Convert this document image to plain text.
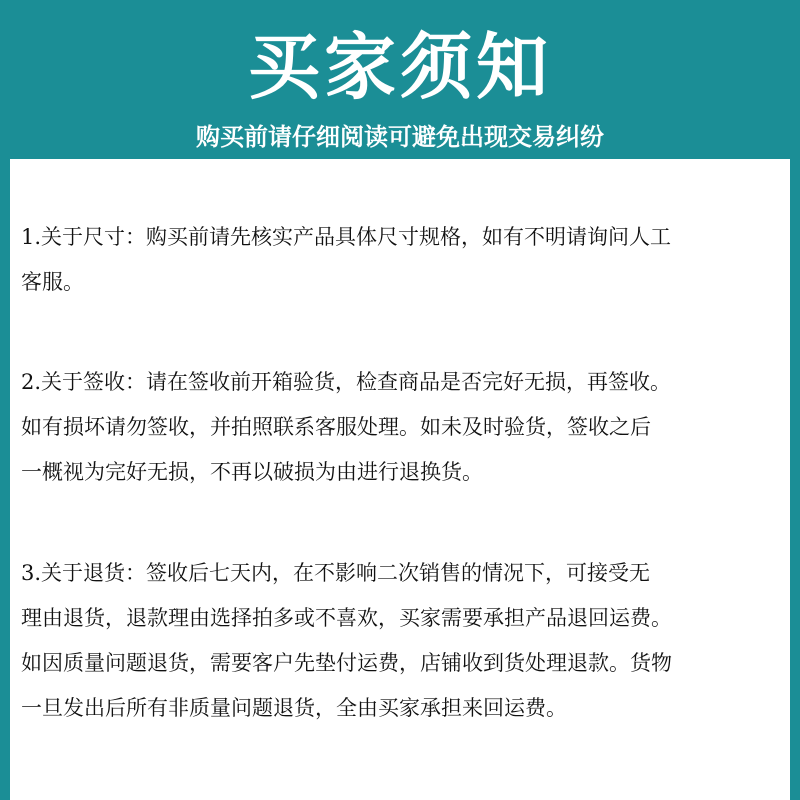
买家须知
购买前请仔细阅读可避免出现交易纠纷

1.关于尺寸：购买前请先核实产品具体尺寸规格，如有不明请询问人工
客服。

2.关于签收：请在签收前开箱验货，检查商品是否完好无损，再签收。
如有损坏请勿签收，并拍照联系客服处理。如未及时验货，签收之后
一概视为完好无损，不再以破损为由进行退换货。

3.关于退货：签收后七天内，在不影响二次销售的情况下，可接受无
理由退货，退款理由选择拍多或不喜欢，买家需要承担产品退回运费。
如因质量问题退货，需要客户先垫付运费，店铺收到货处理退款。货物
一旦发出后所有非质量问题退货，全由买家承担来回运费。
